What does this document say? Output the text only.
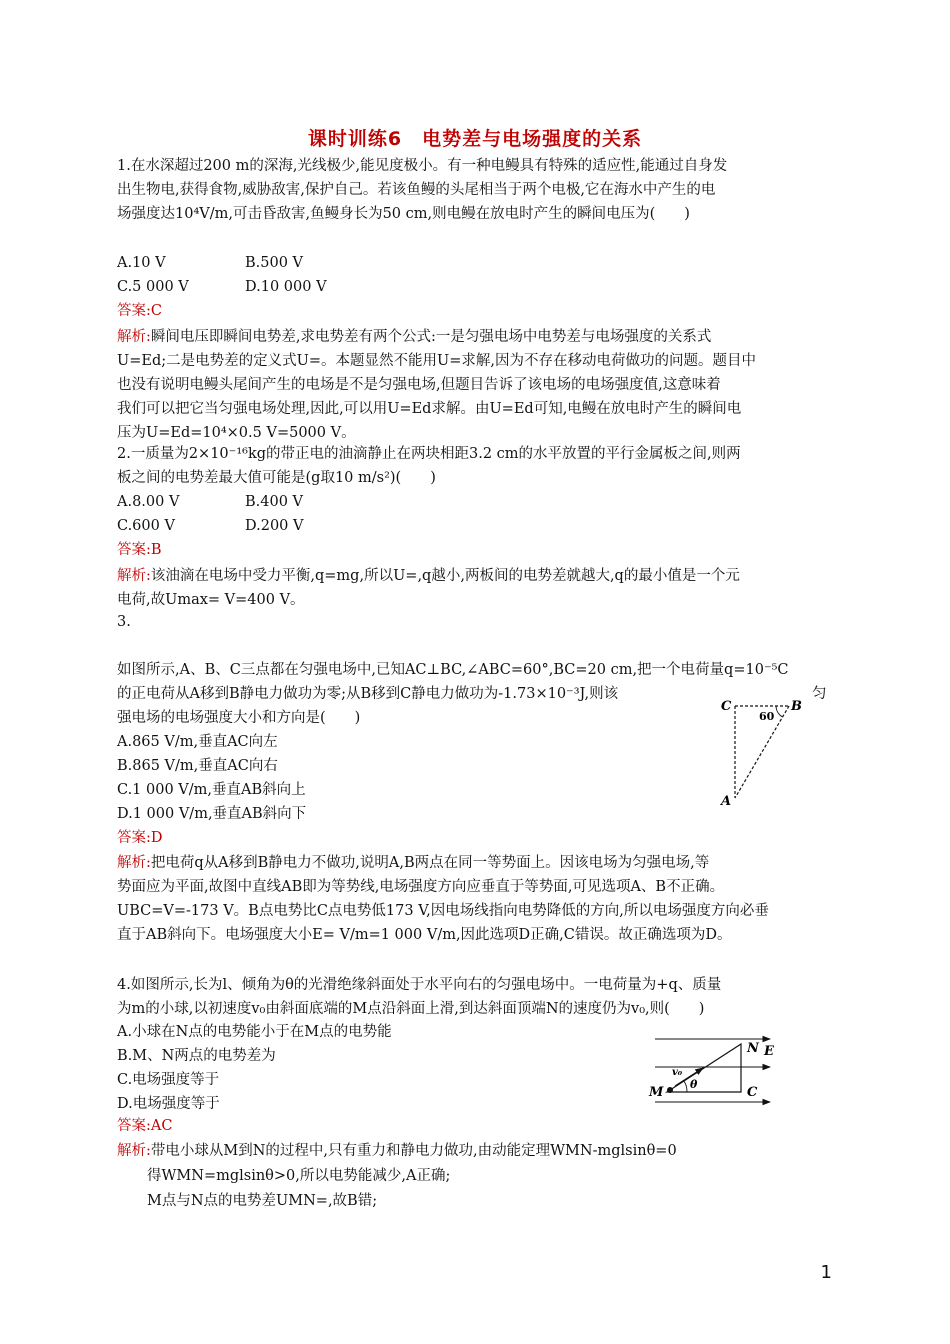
课时训练6　电势差与电场强度的关系
1.在水深超过200 m的深海,光线极少,能见度极小。有一种电鳗具有特殊的适应性,能通过自身发
出生物电,获得食物,威胁敌害,保护自己。若该鱼鳗的头尾相当于两个电极,它在海水中产生的电
场强度达10⁴V/m,可击昏敌害,鱼鳗身长为50 cm,则电鳗在放电时产生的瞬间电压为(　　)
A.10 V	B.500 V
C.5 000 V	D.10 000 V
答案:C
解析:瞬间电压即瞬间电势差,求电势差有两个公式:一是匀强电场中电势差与电场强度的关系式
U=Ed;二是电势差的定义式U=。本题显然不能用U=求解,因为不存在移动电荷做功的问题。题目中
也没有说明电鳗头尾间产生的电场是不是匀强电场,但题目告诉了该电场的电场强度值,这意味着
我们可以把它当匀强电场处理,因此,可以用U=Ed求解。由U=Ed可知,电鳗在放电时产生的瞬间电
压为U=Ed=10⁴×0.5 V=5000 V。
2.一质量为2×10⁻¹⁶kg的带正电的油滴静止在两块相距3.2 cm的水平放置的平行金属板之间,则两
板之间的电势差最大值可能是(g取10 m/s²)(　　)
A.8.00 V	B.400 V
C.600 V	D.200 V
答案:B
解析:该油滴在电场中受力平衡,q=mg,所以U=,q越小,两板间的电势差就越大,q的最小值是一个元
电荷,故Umax= V=400 V。
3.
如图所示,A、B、C三点都在匀强电场中,已知AC⊥BC,∠ABC=60°,BC=20 cm,把一个电荷量q=10⁻⁵C
的正电荷从A移到B静电力做功为零;从B移到C静电力做功为-1.73×10⁻³J,则该	匀
强电场的电场强度大小和方向是(　　)
A.865 V/m,垂直AC向左
B.865 V/m,垂直AC向右
C.1 000 V/m,垂直AB斜向上
D.1 000 V/m,垂直AB斜向下
答案:D
解析:把电荷q从A移到B静电力不做功,说明A,B两点在同一等势面上。因该电场为匀强电场,等
势面应为平面,故图中直线AB即为等势线,电场强度方向应垂直于等势面,可见选项A、B不正确。
UBC=V=-173 V。B点电势比C点电势低173 V,因电场线指向电势降低的方向,所以电场强度方向必垂
直于AB斜向下。电场强度大小E= V/m=1 000 V/m,因此选项D正确,C错误。故正确选项为D。
C	B
A
60
4.如图所示,长为l、倾角为θ的光滑绝缘斜面处于水平向右的匀强电场中。一电荷量为+q、质量
为m的小球,以初速度v₀由斜面底端的M点沿斜面上滑,到达斜面顶端N的速度仍为v₀,则(　　)
A.小球在N点的电势能小于在M点的电势能
B.M、N两点的电势差为
C.电场强度等于
D.电场强度等于
答案:AC
解析:带电小球从M到N的过程中,只有重力和静电力做功,由动能定理WMN-mglsinθ=0
得WMN=mglsinθ>0,所以电势能减少,A正确;
M点与N点的电势差UMN=,故B错;
N E
M	C
v₀
θ
1
